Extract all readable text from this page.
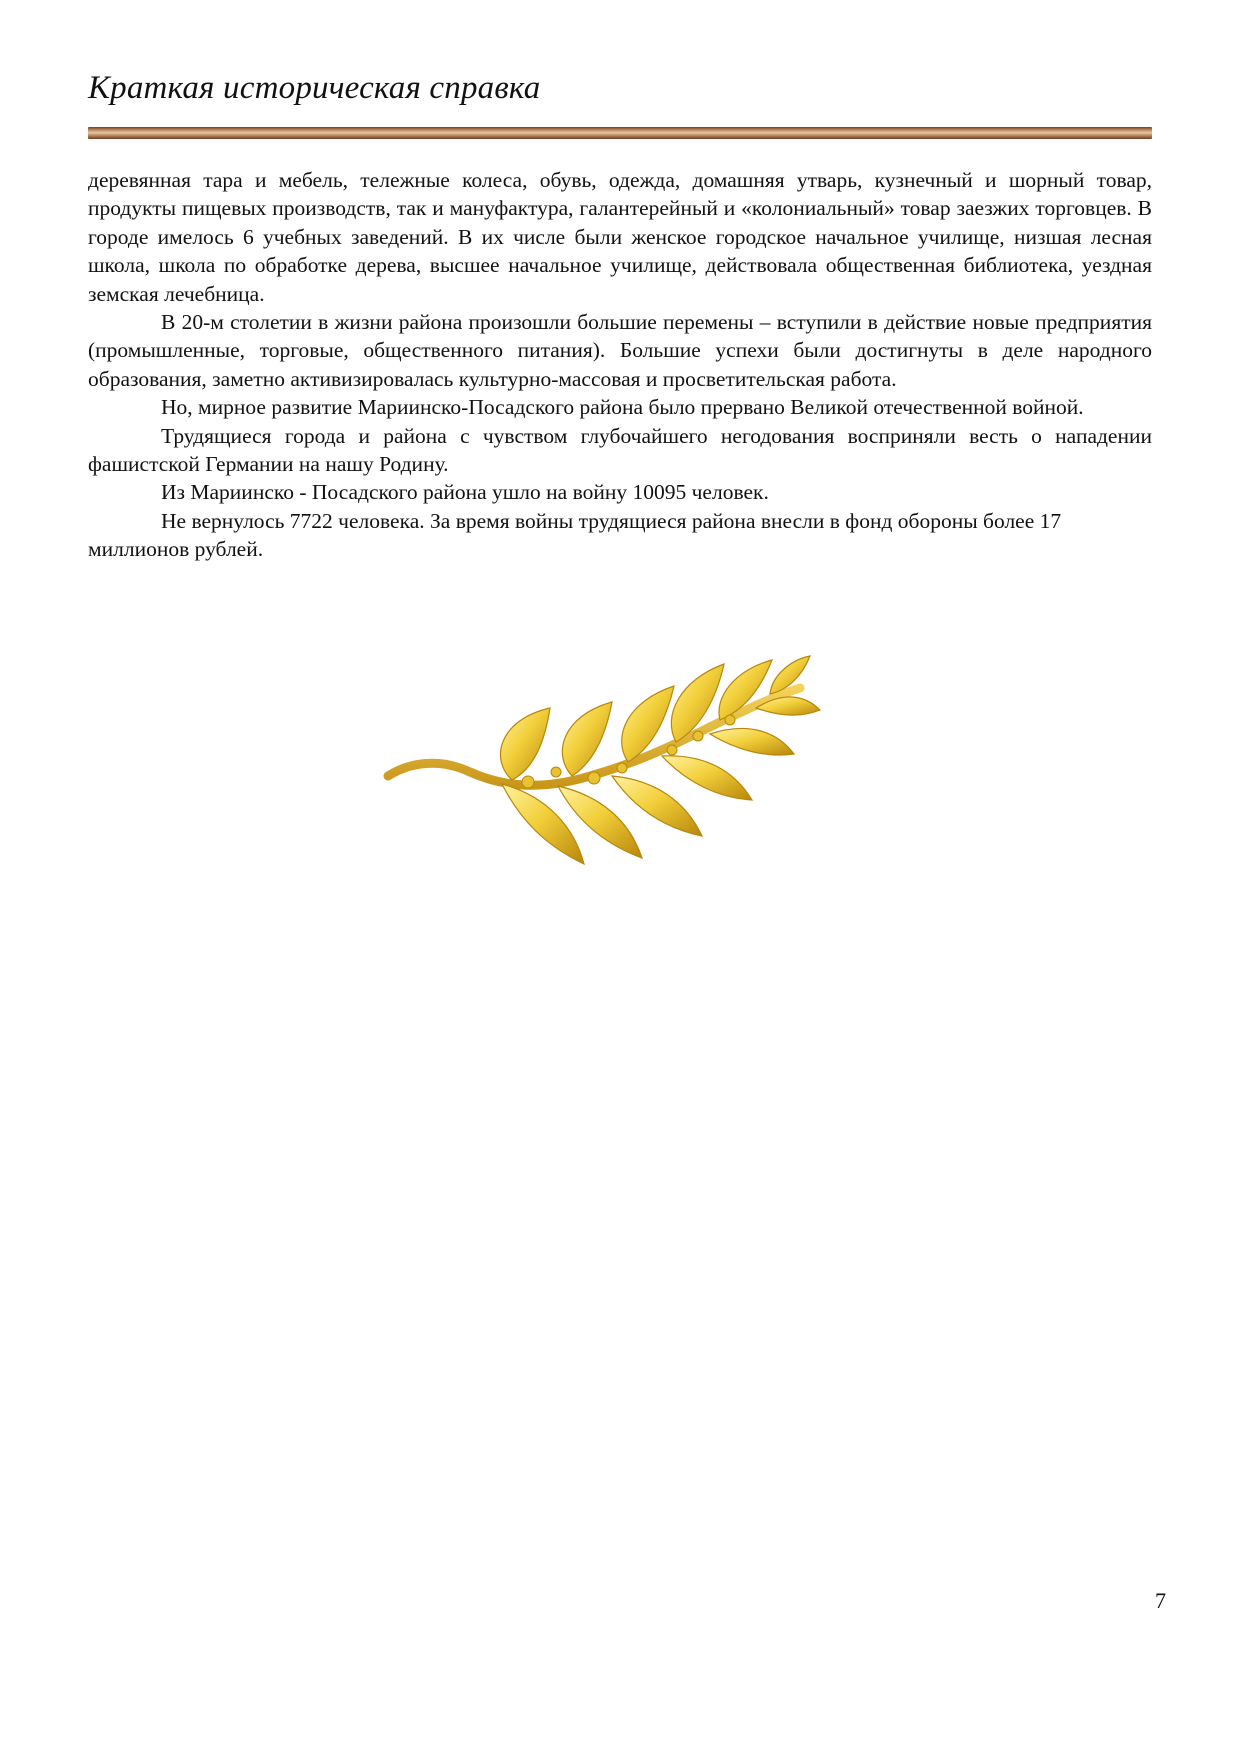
Краткая историческая справка

деревянная тара и мебель, тележные колеса, обувь, одежда, домашняя утварь, кузнечный и шорный товар, продукты пищевых производств, так и мануфактура, галантерейный и «колониальный» товар заезжих торговцев. В городе имелось 6 учебных заведений. В их числе были женское городское начальное училище, низшая лесная школа, школа по обработке дерева, высшее начальное училище, действовала общественная библиотека, уездная земская лечебница.

В 20-м столетии в жизни района произошли большие перемены – вступили в действие новые предприятия (промышленные, торговые, общественного питания). Большие успехи были достигнуты в деле народного образования, заметно активизировалась культурно-массовая и просветительская работа.

Но, мирное развитие Мариинско-Посадского района было прервано Великой отечественной войной.

Трудящиеся города и района с чувством глубочайшего негодования восприняли весть о нападении фашистской Германии на нашу Родину.

Из Мариинско - Посадского района ушло на войну 10095 человек.

Не вернулось 7722 человека. За время войны трудящиеся района внесли в фонд обороны более 17 миллионов рублей.

7
